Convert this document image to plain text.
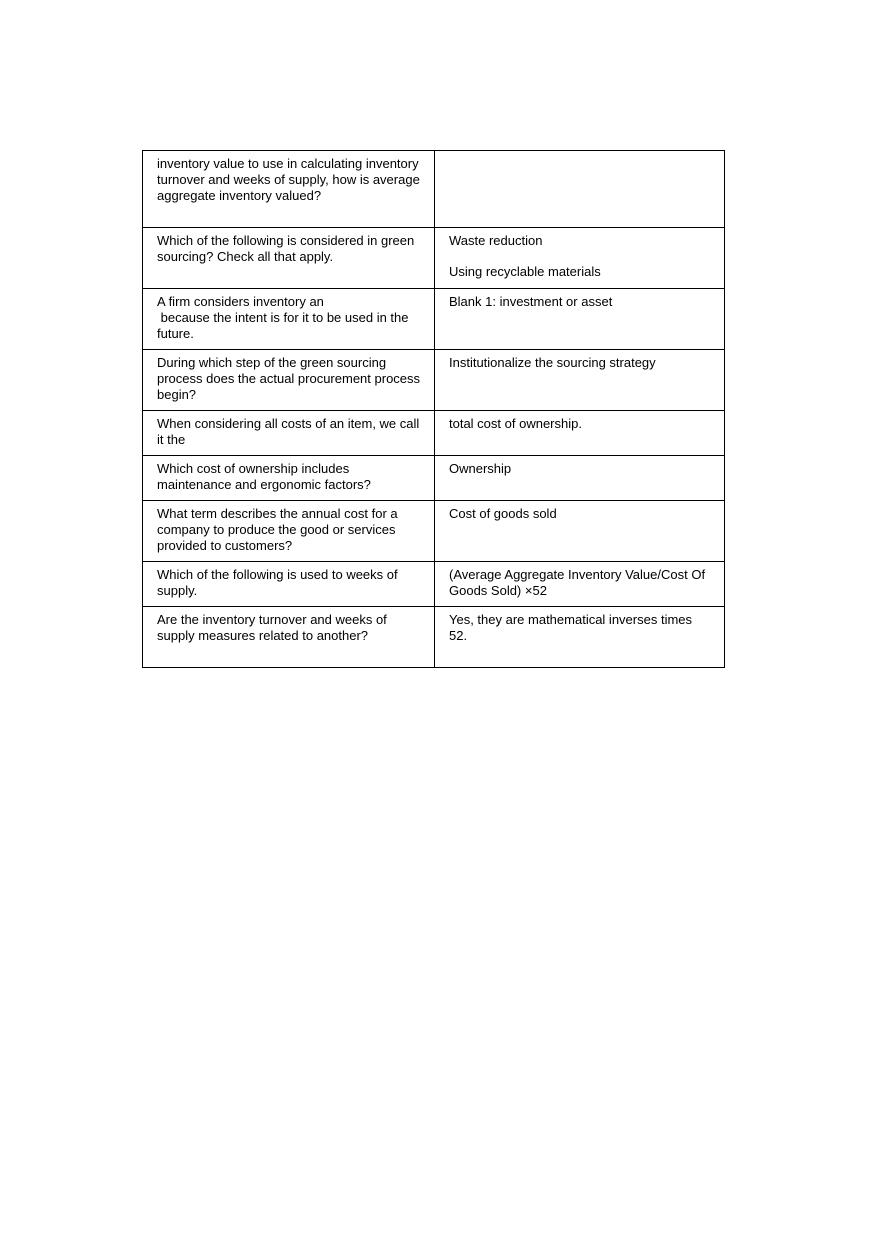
inventory value to use in calculating inventory
turnover and weeks of supply, how is average
aggregate inventory valued?	

Which of the following is considered in green
sourcing? Check all that apply.	Waste reduction
Using recyclable materials

A firm considers inventory an
because the intent is for it to be used in the
future.	Blank 1: investment or asset

During which step of the green sourcing
process does the actual procurement process
begin?	Institutionalize the sourcing strategy

When considering all costs of an item, we call
it the	total cost of ownership.

Which cost of ownership includes
maintenance and ergonomic factors?	Ownership

What term describes the annual cost for a
company to produce the good or services
provided to customers?	Cost of goods sold

Which of the following is used to weeks of
supply.	(Average Aggregate Inventory Value/Cost Of
Goods Sold) ×52

Are the inventory turnover and weeks of
supply measures related to another?	Yes, they are mathematical inverses times
52.
